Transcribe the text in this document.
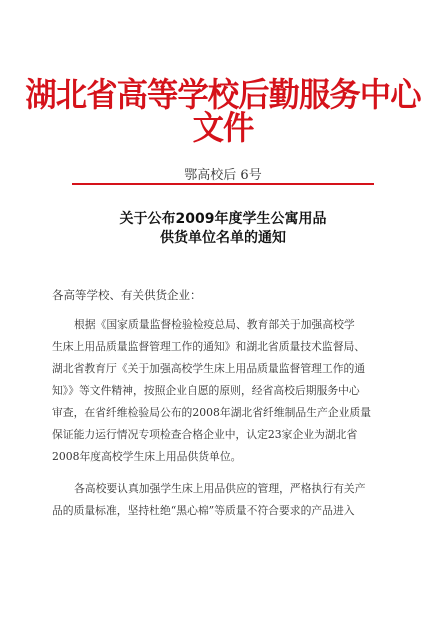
湖北省高等学校后勤服务中心文件
鄂高校后 6号
关于公布2009年度学生公寓用品
供货单位名单的通知
各高等学校、有关供货企业：
根据《国家质量监督检验检疫总局、教育部关于加强高校学
生床上用品质量监督管理工作的通知》和湖北省质量技术监督局、
湖北省教育厅《关于加强高校学生床上用品质量监督管理工作的通
知》》等文件精神，按照企业自愿的原则，经省高校后期服务中心
审查，在省纤维检验局公布的2008年湖北省纤维制品生产企业质量
保证能力运行情况专项检查合格企业中，认定23家企业为湖北省
2008年度高校学生床上用品供货单位。
各高校要认真加强学生床上用品供应的管理，严格执行有关产
品的质量标准，坚持杜绝“黑心棉”等质量不符合要求的产品进入
